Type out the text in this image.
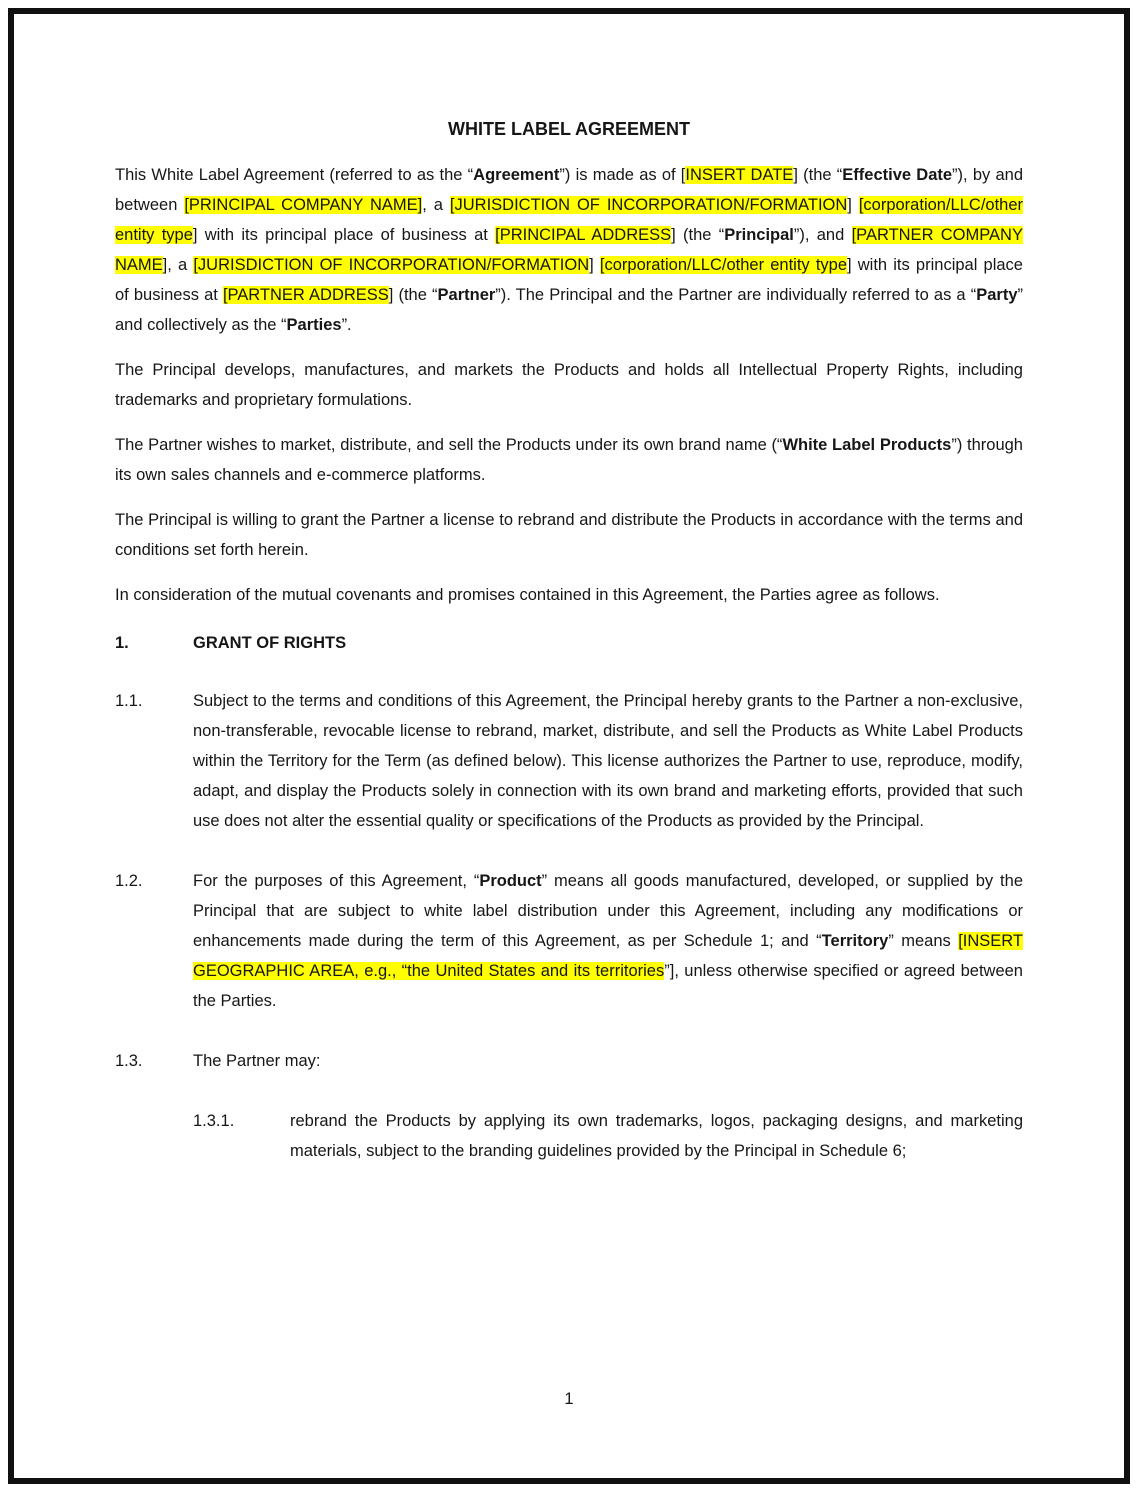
WHITE LABEL AGREEMENT
This White Label Agreement (referred to as the “Agreement”) is made as of [INSERT DATE] (the “Effective Date”), by and between [PRINCIPAL COMPANY NAME], a [JURISDICTION OF INCORPORATION/FORMATION] [corporation/LLC/other entity type] with its principal place of business at [PRINCIPAL ADDRESS] (the “Principal”), and [PARTNER COMPANY NAME], a [JURISDICTION OF INCORPORATION/FORMATION] [corporation/LLC/other entity type] with its principal place of business at [PARTNER ADDRESS] (the “Partner”). The Principal and the Partner are individually referred to as a “Party” and collectively as the “Parties”.
The Principal develops, manufactures, and markets the Products and holds all Intellectual Property Rights, including trademarks and proprietary formulations.
The Partner wishes to market, distribute, and sell the Products under its own brand name (“White Label Products”) through its own sales channels and e-commerce platforms.
The Principal is willing to grant the Partner a license to rebrand and distribute the Products in accordance with the terms and conditions set forth herein.
In consideration of the mutual covenants and promises contained in this Agreement, the Parties agree as follows.
1.	GRANT OF RIGHTS
1.1.	Subject to the terms and conditions of this Agreement, the Principal hereby grants to the Partner a non-exclusive, non-transferable, revocable license to rebrand, market, distribute, and sell the Products as White Label Products within the Territory for the Term (as defined below). This license authorizes the Partner to use, reproduce, modify, adapt, and display the Products solely in connection with its own brand and marketing efforts, provided that such use does not alter the essential quality or specifications of the Products as provided by the Principal.
1.2.	For the purposes of this Agreement, “Product” means all goods manufactured, developed, or supplied by the Principal that are subject to white label distribution under this Agreement, including any modifications or enhancements made during the term of this Agreement, as per Schedule 1; and “Territory” means [INSERT GEOGRAPHIC AREA, e.g., “the United States and its territories”], unless otherwise specified or agreed between the Parties.
1.3.	The Partner may:
1.3.1.	rebrand the Products by applying its own trademarks, logos, packaging designs, and marketing materials, subject to the branding guidelines provided by the Principal in Schedule 6;
1
